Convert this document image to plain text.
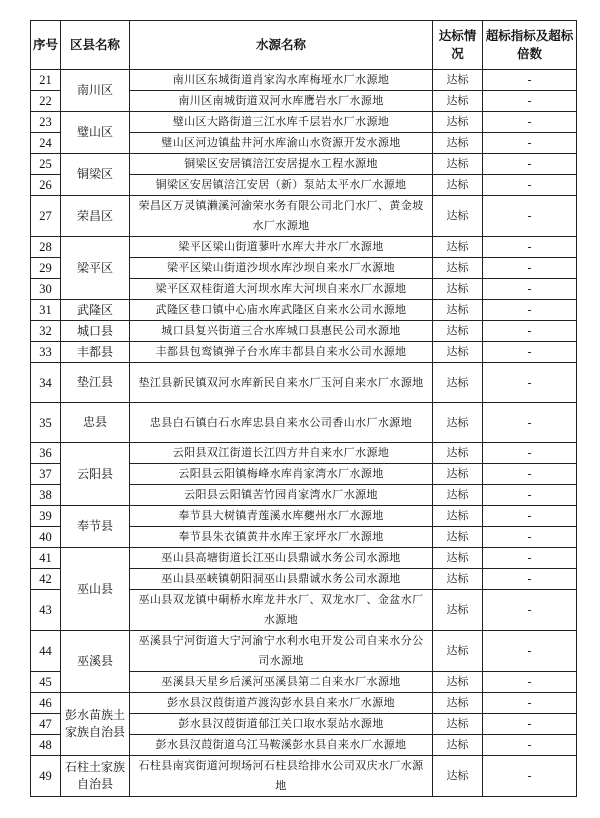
序号	区县名称	水源名称	达标情况	超标指标及超标倍数
21	南川区	南川区东城街道肖家沟水库梅垭水厂水源地	达标	-
22		南川区南城街道双河水库鹰岩水厂水源地	达标	-
23	璧山区	璧山区大路街道三江水库千层岩水厂水源地	达标	-
24		璧山区河边镇盐井河水库渝山水资源开发水源地	达标	-
25	铜梁区	铜梁区安居镇涪江安居提水工程水源地	达标	-
26		铜梁区安居镇涪江安居（新）泵站太平水厂水源地	达标	-
27	荣昌区	荣昌区万灵镇濑溪河渝荣水务有限公司北门水厂、黄金坡水厂水源地	达标	-
28	梁平区	梁平区梁山街道蓼叶水库大井水厂水源地	达标	-
29		梁平区梁山街道沙坝水库沙坝自来水厂水源地	达标	-
30		梁平区双桂街道大河坝水库大河坝自来水厂水源地	达标	-
31	武隆区	武隆区巷口镇中心庙水库武隆区自来水公司水源地	达标	-
32	城口县	城口县复兴街道三合水库城口县惠民公司水源地	达标	-
33	丰都县	丰都县包鸾镇弹子台水库丰都县自来水公司水源地	达标	-
34	垫江县	垫江县新民镇双河水库新民自来水厂玉河自来水厂水源地	达标	-
35	忠县	忠县白石镇白石水库忠县自来水公司香山水厂水源地	达标	-
36	云阳县	云阳县双江街道长江四方井自来水厂水源地	达标	-
37		云阳县云阳镇梅峰水库肖家湾水厂水源地	达标	-
38		云阳县云阳镇苦竹园肖家湾水厂水源地	达标	-
39	奉节县	奉节县大树镇青莲溪水库夔州水厂水源地	达标	-
40		奉节县朱衣镇黄井水库王家坪水厂水源地	达标	-
41	巫山县	巫山县高塘街道长江巫山县鼎诚水务公司水源地	达标	-
42		巫山县巫峡镇朝阳洞巫山县鼎诚水务公司水源地	达标	-
43		巫山县双龙镇中硐桥水库龙井水厂、双龙水厂、金盆水厂水源地	达标	-
44	巫溪县	巫溪县宁河街道大宁河渝宁水利水电开发公司自来水分公司水源地	达标	-
45		巫溪县天星乡后溪河巫溪县第二自来水厂水源地	达标	-
46	彭水苗族土家族自治县	彭水县汉葭街道芦渡沟彭水县自来水厂水源地	达标	-
47		彭水县汉葭街道郁江关口取水泵站水源地	达标	-
48		彭水县汉葭街道乌江马鞍溪彭水县自来水厂水源地	达标	-
49	石柱土家族自治县	石柱县南宾街道河坝场河石柱县给排水公司双庆水厂水源地	达标	-
